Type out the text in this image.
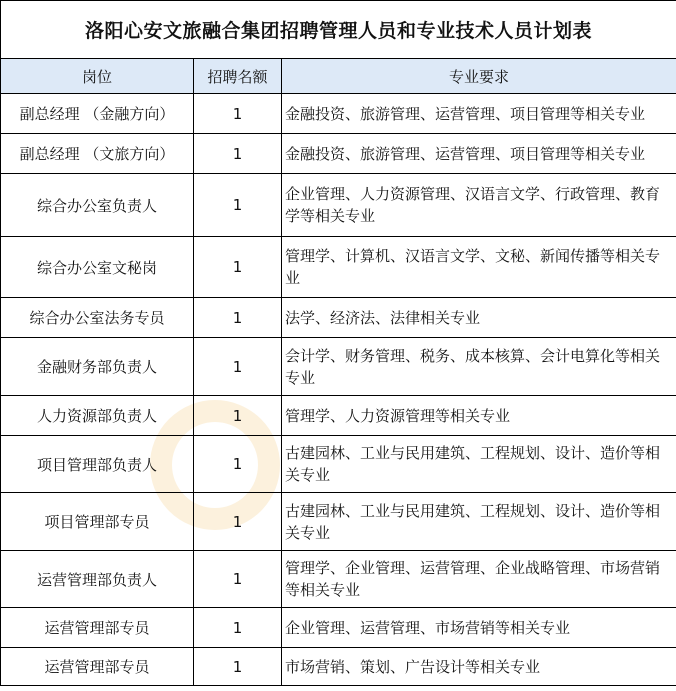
洛阳心安文旅融合集团招聘管理人员和专业技术人员计划表		
岗位	招聘名额	专业要求
副总经理 （金融方向）	1	金融投资、旅游管理、运营管理、项目管理等相关专业
副总经理 （文旅方向）	1	金融投资、旅游管理、运营管理、项目管理等相关专业
综合办公室负责人	1	企业管理、人力资源管理、汉语言文学、行政管理、教育学等相关专业
综合办公室文秘岗	1	管理学、计算机、汉语言文学、文秘、新闻传播等相关专业
综合办公室法务专员	1	法学、经济法、法律相关专业
金融财务部负责人	1	会计学、财务管理、税务、成本核算、会计电算化等相关专业
人力资源部负责人	1	管理学、人力资源管理等相关专业
项目管理部负责人	1	古建园林、工业与民用建筑、工程规划、设计、造价等相关专业
项目管理部专员	1	古建园林、工业与民用建筑、工程规划、设计、造价等相关专业
运营管理部负责人	1	管理学、企业管理、运营管理、企业战略管理、市场营销等相关专业
运营管理部专员	1	企业管理、运营管理、市场营销等相关专业
运营管理部专员	1	市场营销、策划、广告设计等相关专业
